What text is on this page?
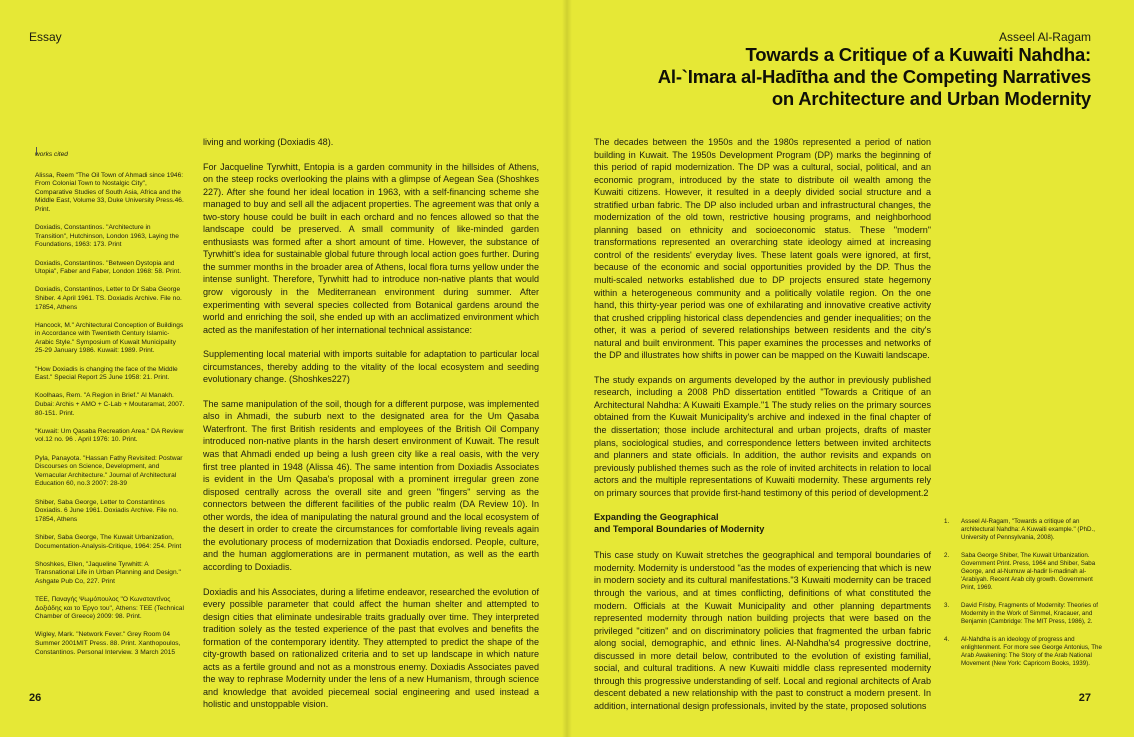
Essay
works cited
Alissa, Reem "The Oil Town of Ahmadi since 1946: From Colonial Town to Nostalgic City", Comparative Studies of South Asia, Africa and the Middle East, Volume 33, Duke University Press.46. Print.
Doxiadis, Constantinos. "Architecture in Transition", Hutchinson, London 1963, Laying the Foundations, 1963: 173. Print
Doxiadis, Constantinos. "Between Dystopia and Utopia", Faber and Faber, London 1968: 58. Print.
Doxiadis, Constantinos, Letter to Dr Saba George Shiber. 4 April 1961. TS. Doxiadis Archive. File no. 17854, Athens
Hancock, M." Architectural Conception of Buildings in Accordance with Twentieth Century Islamic-Arabic Style." Symposium of Kuwait Municipality 25-29 January 1986. Kuwait: 1989. Print.
"How Doxiadis is changing the face of the Middle East." Special Report 25 June 1958: 21. Print.
Koolhaas, Rem. "A Region in Brief." Al Manakh. Dubai: Archis + AMO + C-Lab + Moutaramat, 2007. 80-151. Print.
"Kuwait: Um Qasaba Recreation Area." DA Review vol.12 no. 96 . April 1976: 10. Print.
Pyla, Panayota. "Hassan Fathy Revisited: Postwar Discourses on Science, Development, and Vernacular Architecture." Journal of Architectural Education 60, no.3 2007: 28-39
Shiber, Saba George, Letter to Constantinos Doxiadis. 6 June 1961. Doxiadis Archive. File no. 17854, Athens
Shiber, Saba George, The Kuwait Urbanization, Documentation-Analysis-Critique, 1964: 254. Print
Shoshkes, Ellen, "Jaqueline Tyrwhitt: A Transnational Life in Urban Planning and Design." Ashgate Pub Co, 227. Print
TEE, Παναγής Ψωμόπουλος "Ο Κωνσταντίνος Δοξιάδης και το Έργο του", Athens: TEE (Technical Chamber of Greece) 2009: 98. Print.
Wigley, Mark. "Network Fever." Grey Room 04 Summer 2001MIT Press. 88. Print. Xanthopoulos, Constantinos. Personal Interview. 3 March 2015

living and working (Doxiadis 48).

For Jacqueline Tyrwhitt, Entopia is a garden community in the hillsides of Athens, on the steep rocks overlooking the plains with a glimpse of Aegean Sea (Shoshkes 227). After she found her ideal location in 1963, with a self-financing scheme she managed to buy and sell all the adjacent properties. The agreement was that only a two-story house could be built in each orchard and no fences allowed so that the landscape could be preserved. A small community of like-minded garden enthusiasts was formed after a short amount of time. However, the substance of Tyrwhitt's idea for sustainable global future through local action goes further. During the summer months in the broader area of Athens, local flora turns yellow under the intense sunlight. Therefore, Tyrwhitt had to introduce non-native plants that would grow vigorously in the Mediterranean environment during summer. After experimenting with several species collected from Botanical gardens around the world and enriching the soil, she ended up with an acclimatized environment which acted as the manifestation of her international technical assistance:

Supplementing local material with imports suitable for adaptation to particular local circumstances, thereby adding to the vitality of the local ecosystem and seeding evolutionary change. (Shoshkes227)

The same manipulation of the soil, though for a different purpose, was implemented also in Ahmadi, the suburb next to the designated area for the Um Qasaba Waterfront. The first British residents and employees of the British Oil Company introduced non-native plants in the harsh desert environment of Kuwait. The result was that Ahmadi ended up being a lush green city like a real oasis, with the very first tree planted in 1948 (Alissa 46). The same intention from Doxiadis Associates is evident in the Um Qasaba's proposal with a prominent irregular green zone disposed centrally across the overall site and green "fingers" serving as the connectors between the different facilities of the public realm (DA Review 10). In other words, the idea of manipulating the natural ground and the local ecosystem of the desert in order to create the circumstances for comfortable living reveals again the evolutionary process of modernization that Doxiadis endorsed. People, culture, and the human agglomerations are in permanent mutation, as well as the earth according to Doxiadis.

Doxiadis and his Associates, during a lifetime endeavor, researched the evolution of every possible parameter that could affect the human shelter and attempted to design cities that eliminate undesirable traits gradually over time. They interpreted tradition solely as the tested experience of the past that evolves and benefits the formation of the contemporary identity. They attempted to predict the shape of the city-growth based on rationalized criteria and to set up landscape in which nature acts as a fertile ground and not as a monstrous enemy. Doxiadis Associates paved the way to rephrase Modernity under the lens of a new Humanism, through science and knowledge that avoided piecemeal social engineering and used instead a holistic and unstoppable vision.

26
Asseel Al-Ragam
27
Towards a Critique of a Kuwaiti Nahdha:
Al-`Imara al-Hadītha and the Competing Narratives
on Architecture and Urban Modernity

The decades between the 1950s and the 1980s represented a period of nation building in Kuwait. The 1950s Development Program (DP) marks the beginning of this period of rapid modernization. The DP was a cultural, social, political, and an economic program, introduced by the state to distribute oil wealth among the Kuwaiti citizens. However, it resulted in a deeply divided social structure and a stratified urban fabric. The DP also included urban and infrastructural changes, the modernization of the old town, restrictive housing programs, and neighborhood planning based on ethnicity and socioeconomic status. These "modern" transformations represented an overarching state ideology aimed at increasing control of the residents' everyday lives. These latent goals were ignored, at first, because of the economic and social opportunities provided by the DP. Thus the multi-scaled networks established due to DP projects ensured state hegemony within a heterogeneous community and a politically volatile region. On the one hand, this thirty-year period was one of exhilarating and innovative creative activity that crushed crippling historical class dependencies and gender inequalities; on the other, it was a period of severed relationships between residents and the city's natural and built environment. This paper examines the processes and networks of the DP and illustrates how shifts in power can be mapped on the Kuwaiti landscape.

The study expands on arguments developed by the author in previously published research, including a 2008 PhD dissertation entitled "Towards a Critique of an Architectural Nahdha: A Kuwaiti Example."1 The study relies on the primary sources obtained from the Kuwait Municipality's archive and indexed in the final chapter of the dissertation; those include architectural and urban projects, drafts of master plans, sociological studies, and correspondence letters between invited architects and planners and state officials. In addition, the author revisits and expands on previously published themes such as the role of invited architects in relation to local actors and the multiple representations of Kuwaiti modernity. These arguments rely on primary sources that provide first-hand testimony of this period of development.2

Expanding the Geographical
and Temporal Boundaries of Modernity

This case study on Kuwait stretches the geographical and temporal boundaries of modernity. Modernity is understood "as the modes of experiencing that which is new in modern society and its cultural manifestations."3 Kuwaiti modernity can be traced through the various, and at times conflicting, definitions of what constituted the modern. Officials at the Kuwait Municipality and other planning departments represented modernity through nation building projects that were based on the privileged "citizen" and on discriminatory policies that fragmented the urban fabric along social, demographic, and ethnic lines. Al-Nahdha's4 progressive doctrine, discussed in more detail below, contributed to the evolution of existing familial, social, and cultural traditions. A new Kuwaiti middle class represented modernity through this progressive understanding of self. Local and regional architects of Arab descent debated a new relationship with the past to construct a modern present. In addition, international design professionals, invited by the state, proposed solutions

1.	Asseel Al-Ragam, "Towards a critique of an architectural Nahdha: A Kuwaiti example." (PhD., University of Pennsylvania, 2008).
2.	Saba George Shiber, The Kuwait Urbanization. Government Print. Press, 1964 and Shiber, Saba George, and al-Numuw al-hadir li-madinah al-'Arabiyah. Recent Arab city growth. Government Print, 1969.
3.	David Frisby, Fragments of Modernity: Theories of Modernity in the Work of Simmel, Kracauer, and Benjamin (Cambridge: The MIT Press, 1986), 2.
4.	Al-Nahdha is an ideology of progress and enlightenment. For more see George Antonius, The Arab Awakening: The Story of the Arab National Movement (New York: Capricorn Books, 1939).
